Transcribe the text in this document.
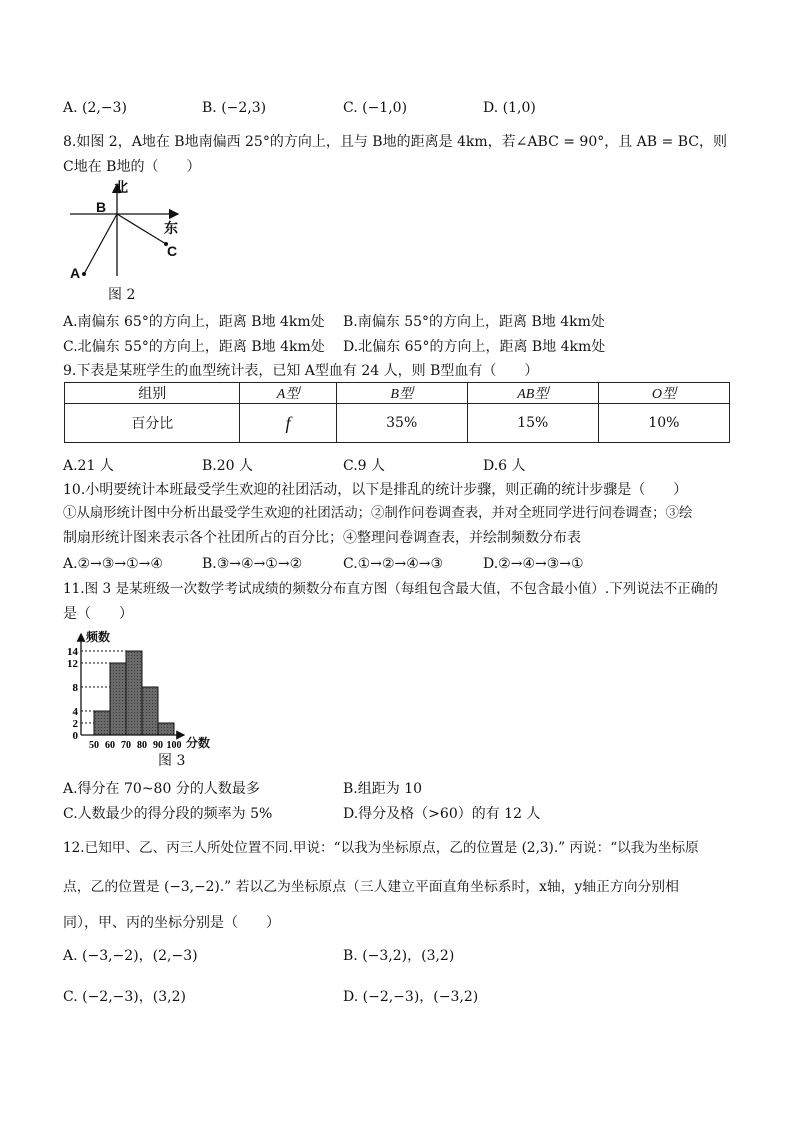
A. (2,−3)	B. (−2,3)	C. (−1,0)	D. (1,0)
8.如图 2，A地在 B地南偏西 25°的方向上，且与 B地的距离是 4km，若∠ABC = 90°，且 AB = BC，则
C地在 B地的（　　）
北
东
B
C
A
图 2
A.南偏东 65°的方向上，距离 B地 4km处 B.南偏东 55°的方向上，距离 B地 4km处
C.北偏东 55°的方向上，距离 B地 4km处 D.北偏东 65°的方向上，距离 B地 4km处
9.下表是某班学生的血型统计表，已知 A型血有 24 人，则 B型血有（　　）
组别	A型	B型	AB型	O型
百分比	f	35%	15%	10%
A.21 人	B.20 人	C.9 人	D.6 人
10.小明要统计本班最受学生欢迎的社团活动，以下是排乱的统计步骤，则正确的统计步骤是（　　）
①从扇形统计图中分析出最受学生欢迎的社团活动；②制作问卷调查表，并对全班同学进行问卷调查；③绘
制扇形统计图来表示各个社团所占的百分比；④整理问卷调查表，并绘制频数分布表
A.②→③→①→④	B.③→④→①→②	C.①→②→④→③	D.②→④→③→①
11.图 3 是某班级一次数学考试成绩的频数分布直方图（每组包含最大值，不包含最小值）.下列说法不正确的
是（　　）
0
2
4
8
12
14
50 60 70 80 90 100
频数
分数
图 3
A.得分在 70~80 分的人数最多	B.组距为 10
C.人数最少的得分段的频率为 5%	D.得分及格（>60）的有 12 人
12.已知甲、乙、丙三人所处位置不同.甲说：“以我为坐标原点，乙的位置是 (2,3).” 丙说：“以我为坐标原
点，乙的位置是 (−3,−2).” 若以乙为坐标原点（三人建立平面直角坐标系时，x轴，y轴正方向分别相
同），甲、丙的坐标分别是（　　）
A. (−3,−2)，(2,−3)	B. (−3,2)，(3,2)
C. (−2,−3)，(3,2)	D. (−2,−3)，(−3,2)
